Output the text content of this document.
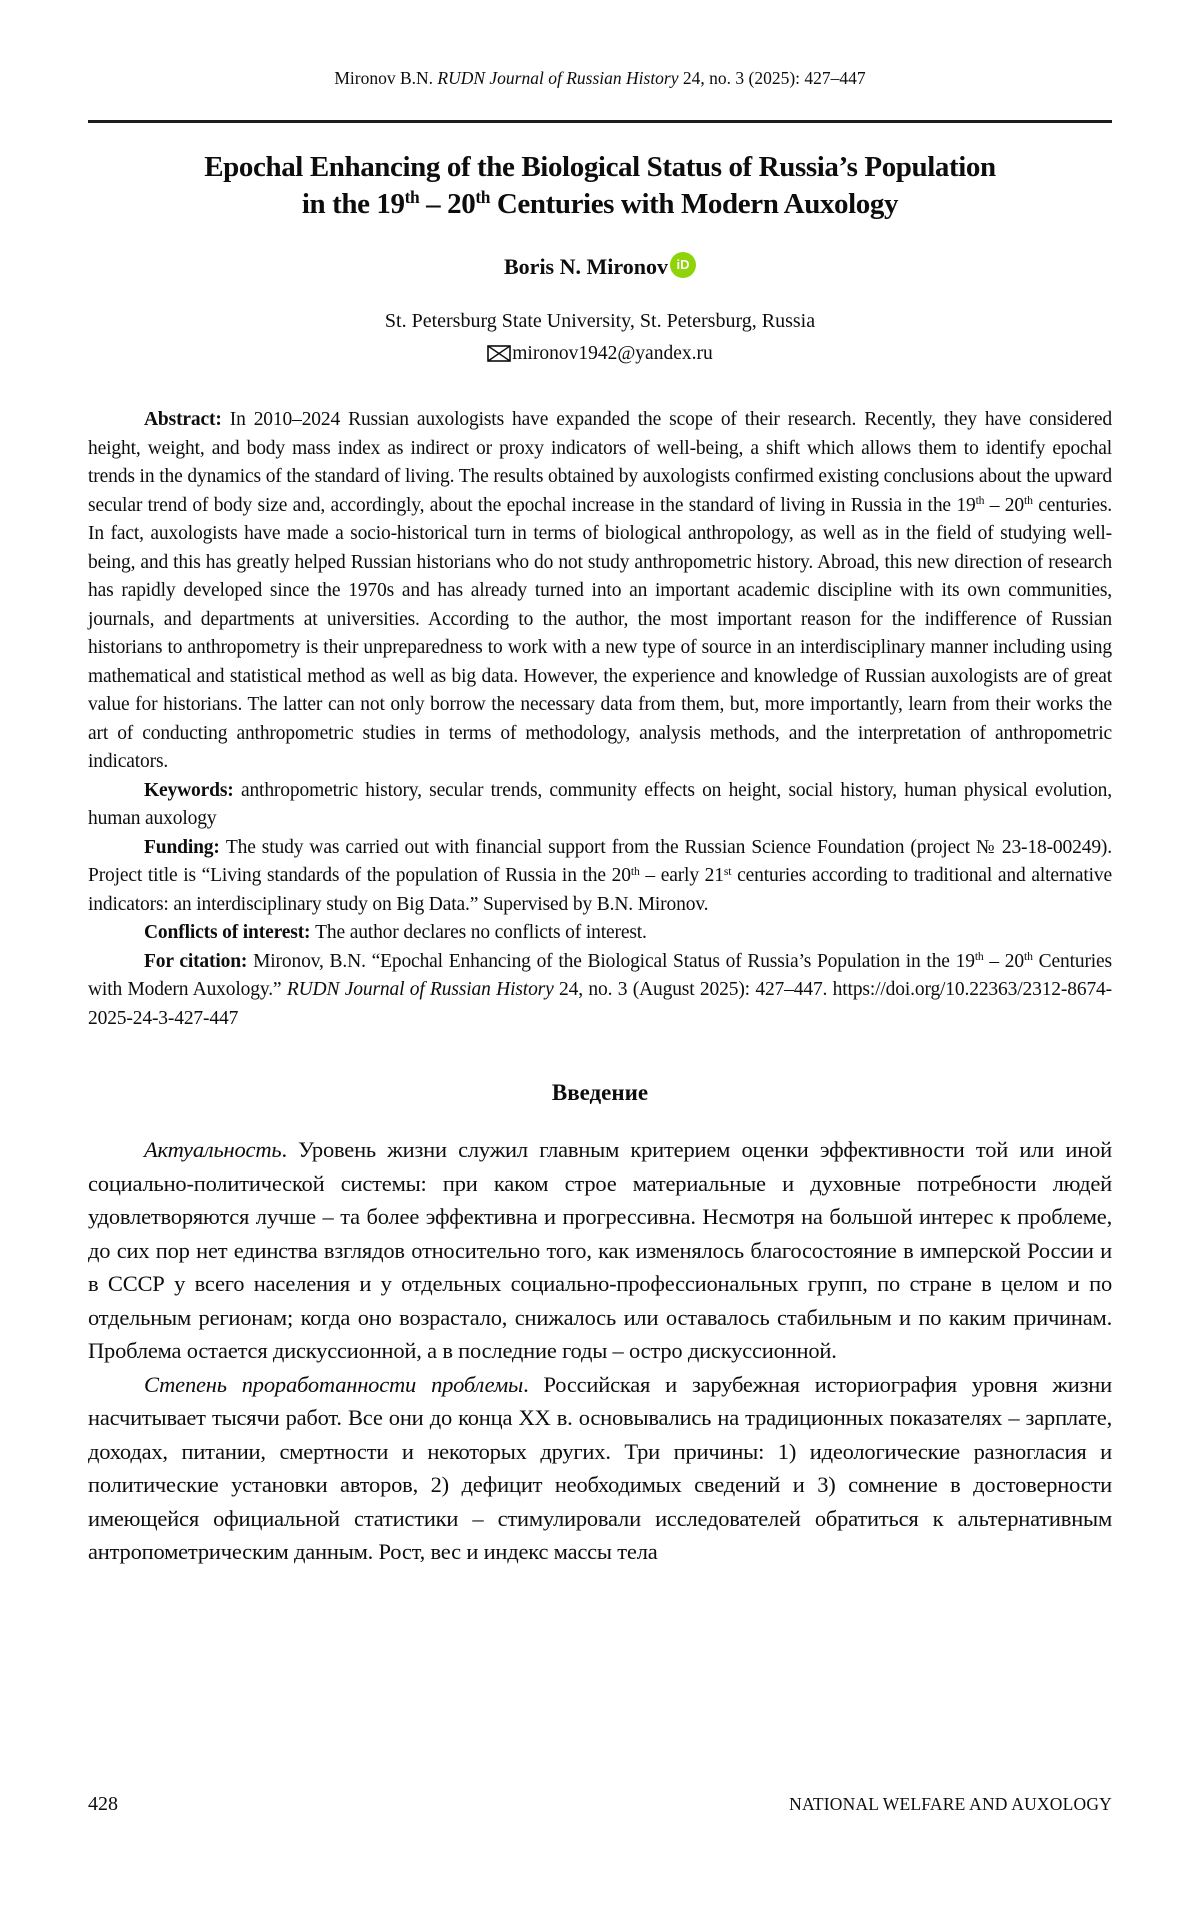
Mironov B.N. RUDN Journal of Russian History 24, no. 3 (2025): 427–447
Epochal Enhancing of the Biological Status of Russia’s Population
in the 19th – 20th Centuries with Modern Auxology
Boris N. Mironov iD
St. Petersburg State University, St. Petersburg, Russia
mironov1942@yandex.ru

Abstract: In 2010–2024 Russian auxologists have expanded the scope of their research. Recently, they have considered height, weight, and body mass index as indirect or proxy indicators of well-being, a shift which allows them to identify epochal trends in the dynamics of the standard of living. The results obtained by auxologists confirmed existing conclusions about the upward secular trend of body size and, accordingly, about the epochal increase in the standard of living in Russia in the 19th – 20th centuries. In fact, auxologists have made a socio-historical turn in terms of biological anthropology, as well as in the field of studying well-being, and this has greatly helped Russian historians who do not study anthropometric history. Abroad, this new direction of research has rapidly developed since the 1970s and has already turned into an important academic discipline with its own communities, journals, and departments at universities. According to the author, the most important reason for the indifference of Russian historians to anthropometry is their unpreparedness to work with a new type of source in an interdisciplinary manner including using mathematical and statistical method as well as big data. However, the experience and knowledge of Russian auxologists are of great value for historians. The latter can not only borrow the necessary data from them, but, more importantly, learn from their works the art of conducting anthropometric studies in terms of methodology, analysis methods, and the interpretation of anthropometric indicators.

Keywords: anthropometric history, secular trends, community effects on height, social history, human physical evolution, human auxology

Funding: The study was carried out with financial support from the Russian Science Foundation (project № 23-18-00249). Project title is “Living standards of the population of Russia in the 20th – early 21st centuries according to traditional and alternative indicators: an interdisciplinary study on Big Data.” Supervised by B.N. Mironov.

Conflicts of interest: The author declares no conflicts of interest.

For citation: Mironov, B.N. “Epochal Enhancing of the Biological Status of Russia’s Population in the 19th – 20th Centuries with Modern Auxology.” RUDN Journal of Russian History 24, no. 3 (August 2025): 427–447. https://doi.org/10.22363/2312-8674-2025-24-3-427-447

Введение

Актуальность. Уровень жизни служил главным критерием оценки эффективности той или иной социально-политической системы: при каком строе материальные и духовные потребности людей удовлетворяются лучше – та более эффективна и прогрессивна. Несмотря на большой интерес к проблеме, до сих пор нет единства взглядов относительно того, как изменялось благосостояние в имперской России и в СССР у всего населения и у отдельных социально-профессиональных групп, по стране в целом и по отдельным регионам; когда оно возрастало, снижалось или оставалось стабильным и по каким причинам. Проблема остается дискуссионной, а в последние годы – остро дискуссионной.

Степень проработанности проблемы. Российская и зарубежная историография уровня жизни насчитывает тысячи работ. Все они до конца XX в. основывались на традиционных показателях – зарплате, доходах, питании, смертности и некоторых других. Три причины: 1) идеологические разногласия и политические установки авторов, 2) дефицит необходимых сведений и 3) сомнение в достоверности имеющейся официальной статистики – стимулировали исследователей обратиться к альтернативным антропометрическим данным. Рост, вес и индекс массы тела

428	NATIONAL WELFARE AND AUXOLOGY
